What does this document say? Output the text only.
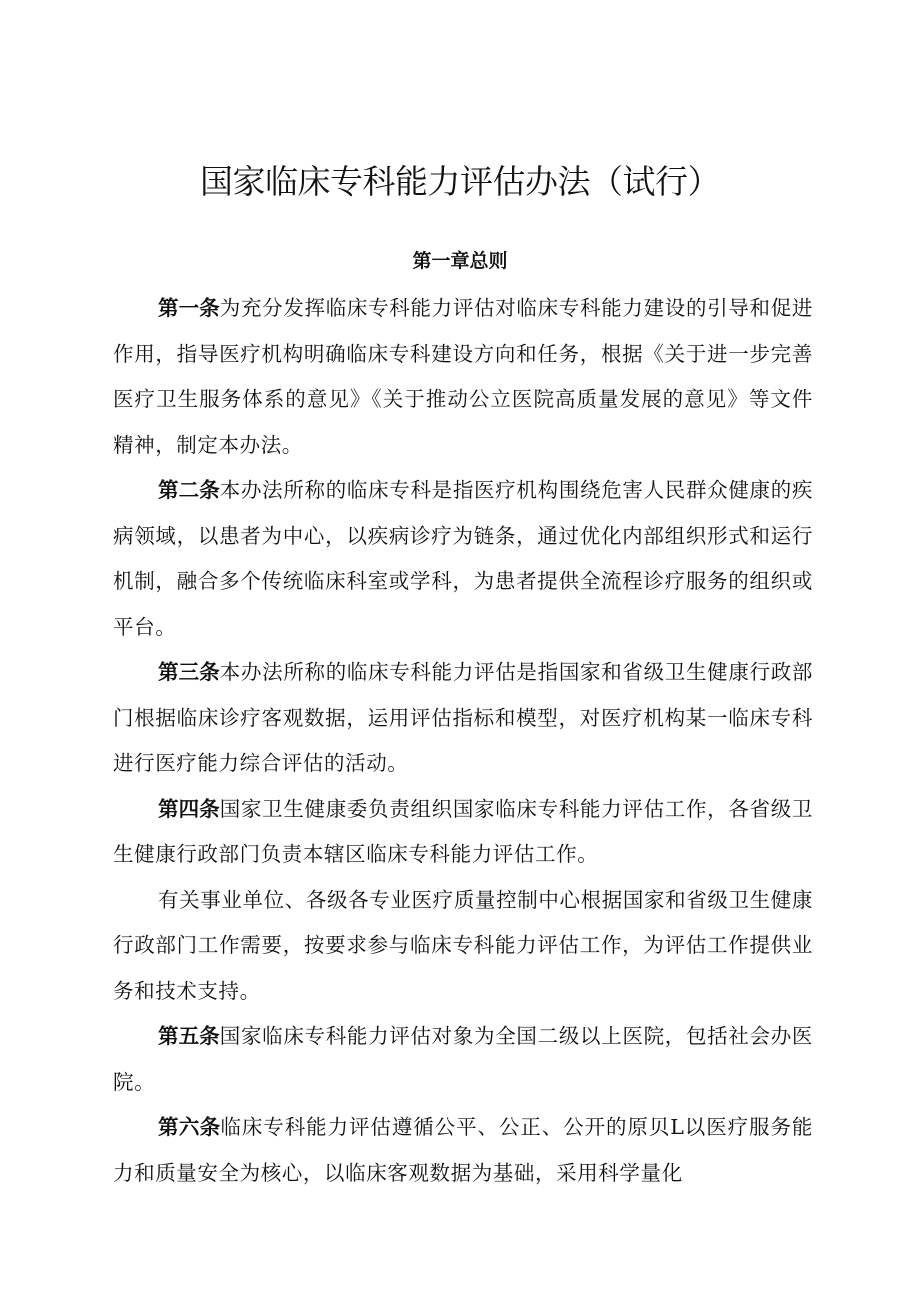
国家临床专科能力评估办法（试行）
第一章总则

第一条为充分发挥临床专科能力评估对临床专科能力建设的引导和促进作用，指导医疗机构明确临床专科建设方向和任务，根据《关于进一步完善医疗卫生服务体系的意见》《关于推动公立医院高质量发展的意见》等文件精神，制定本办法。

第二条本办法所称的临床专科是指医疗机构围绕危害人民群众健康的疾病领域，以患者为中心，以疾病诊疗为链条，通过优化内部组织形式和运行机制，融合多个传统临床科室或学科，为患者提供全流程诊疗服务的组织或平台。

第三条本办法所称的临床专科能力评估是指国家和省级卫生健康行政部门根据临床诊疗客观数据，运用评估指标和模型，对医疗机构某一临床专科进行医疗能力综合评估的活动。

第四条国家卫生健康委负责组织国家临床专科能力评估工作，各省级卫生健康行政部门负责本辖区临床专科能力评估工作。

有关事业单位、各级各专业医疗质量控制中心根据国家和省级卫生健康行政部门工作需要，按要求参与临床专科能力评估工作，为评估工作提供业务和技术支持。

第五条国家临床专科能力评估对象为全国二级以上医院，包括社会办医院。

第六条临床专科能力评估遵循公平、公正、公开的原贝L以医疗服务能力和质量安全为核心，以临床客观数据为基础，采用科学量化
